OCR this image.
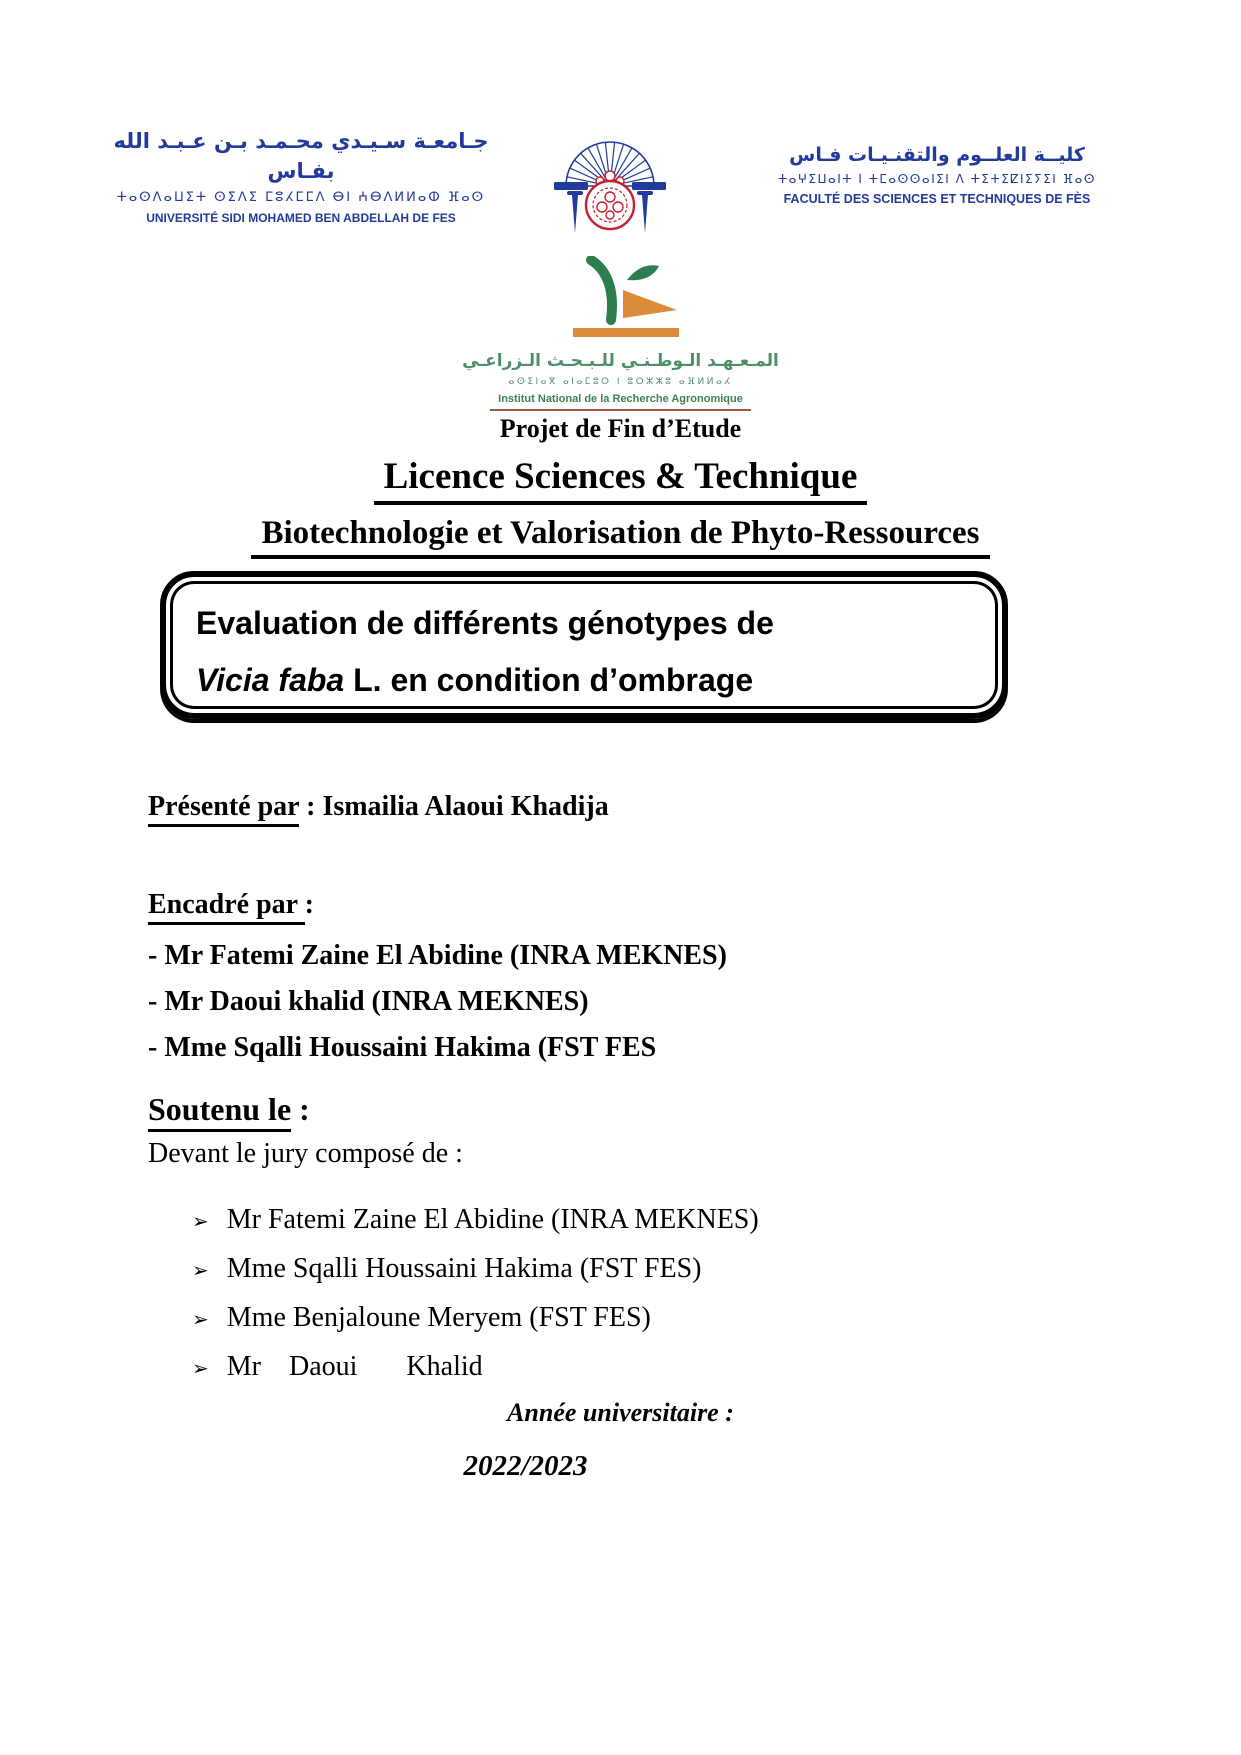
جـامعـة سـيـدي محـمـد بـن عـبـد الله بفـاس
ⵜⴰⵙⴷⴰⵡⵉⵜ ⵙⵉⴷⵉ ⵎⵓⵃⵎⵎⴷ ⴱⵏ ⵄⴱⴷⵍⵍⴰⵀ ⴼⴰⵙ
UNIVERSITÉ SIDI MOHAMED BEN ABDELLAH DE FES
كليــة العلــوم والتقنـيـات فـاس
ⵜⴰⵖⵉⵡⴰⵏⵜ ⵏ ⵜⵎⴰⵙⵙⴰⵏⵉⵏ ⴷ ⵜⵉⵜⵉⵇⵏⵉⵢⵉⵏ ⴼⴰⵙ
FACULTÉ DES SCIENCES ET TECHNIQUES DE FÈS
المـعـهـد الـوطـنـي للـبـحـث الـزراعـي
ⴰⵙⵉⵏⴰⴳ ⴰⵏⴰⵎⵓⵔ ⵏ ⵓⵔⵣⵣⵓ ⴰⴼⵍⵍⴰⵃ
Institut National de la Recherche Agronomique
Projet de Fin d’Etude
Licence Sciences & Technique
Biotechnologie et Valorisation de Phyto-Ressources
Evaluation de différents génotypes de
Vicia faba L. en condition d’ombrage
Présenté par : Ismailia Alaoui Khadija
Encadré par :
- Mr Fatemi Zaine El Abidine (INRA MEKNES)
- Mr Daoui khalid (INRA MEKNES)
- Mme Sqalli Houssaini Hakima (FST FES
Soutenu le :
Devant le jury composé de :
➢ Mr Fatemi Zaine El Abidine (INRA MEKNES)
➢ Mme Sqalli Houssaini Hakima (FST FES)
➢ Mme Benjaloune Meryem (FST FES)
➢ Mr    Daoui       Khalid
Année universitaire :
2022/2023
